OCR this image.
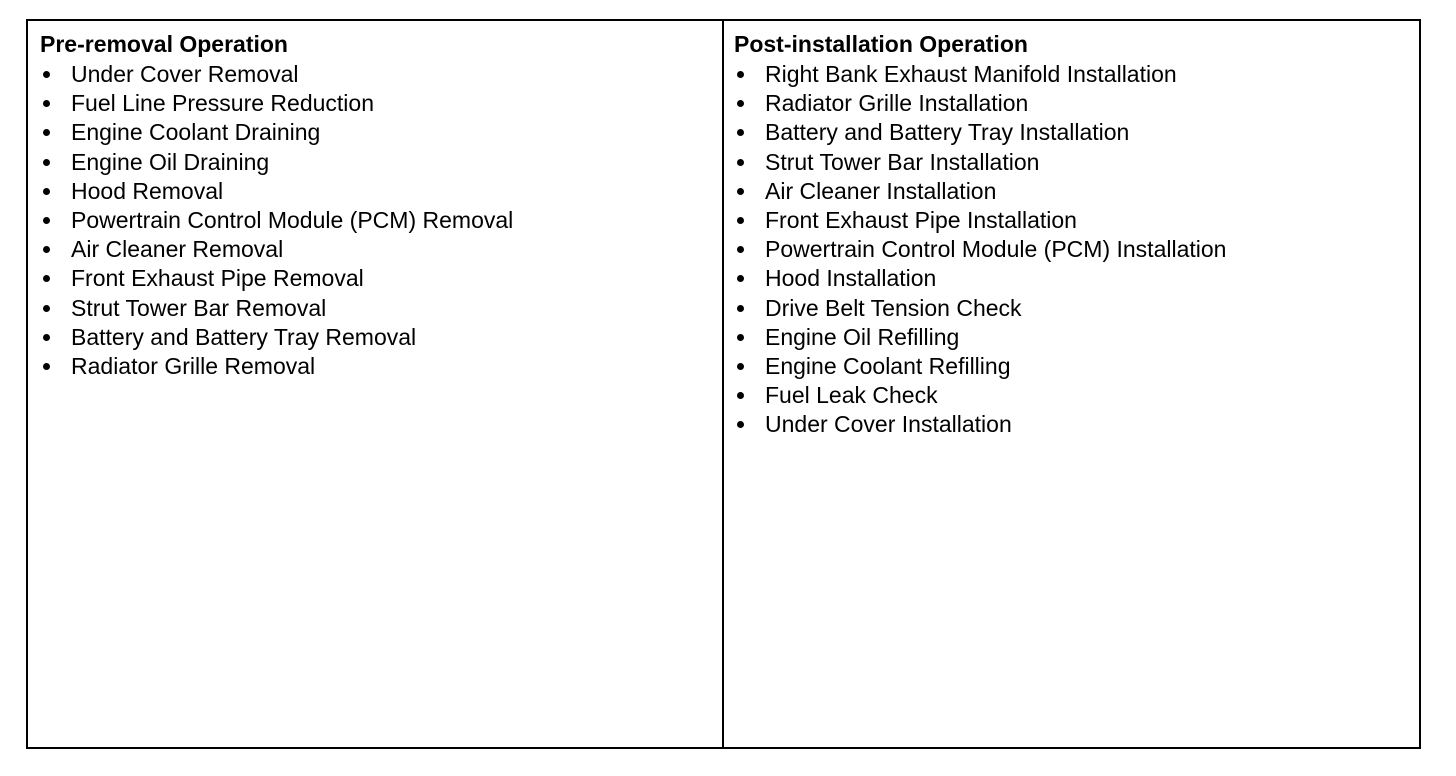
Pre-removal Operation
Under Cover Removal
Fuel Line Pressure Reduction
Engine Coolant Draining
Engine Oil Draining
Hood Removal
Powertrain Control Module (PCM) Removal
Air Cleaner Removal
Front Exhaust Pipe Removal
Strut Tower Bar Removal
Battery and Battery Tray Removal
Radiator Grille Removal
Post-installation Operation
Right Bank Exhaust Manifold Installation
Radiator Grille Installation
Battery and Battery Tray Installation
Strut Tower Bar Installation
Air Cleaner Installation
Front Exhaust Pipe Installation
Powertrain Control Module (PCM) Installation
Hood Installation
Drive Belt Tension Check
Engine Oil Refilling
Engine Coolant Refilling
Fuel Leak Check
Under Cover Installation
